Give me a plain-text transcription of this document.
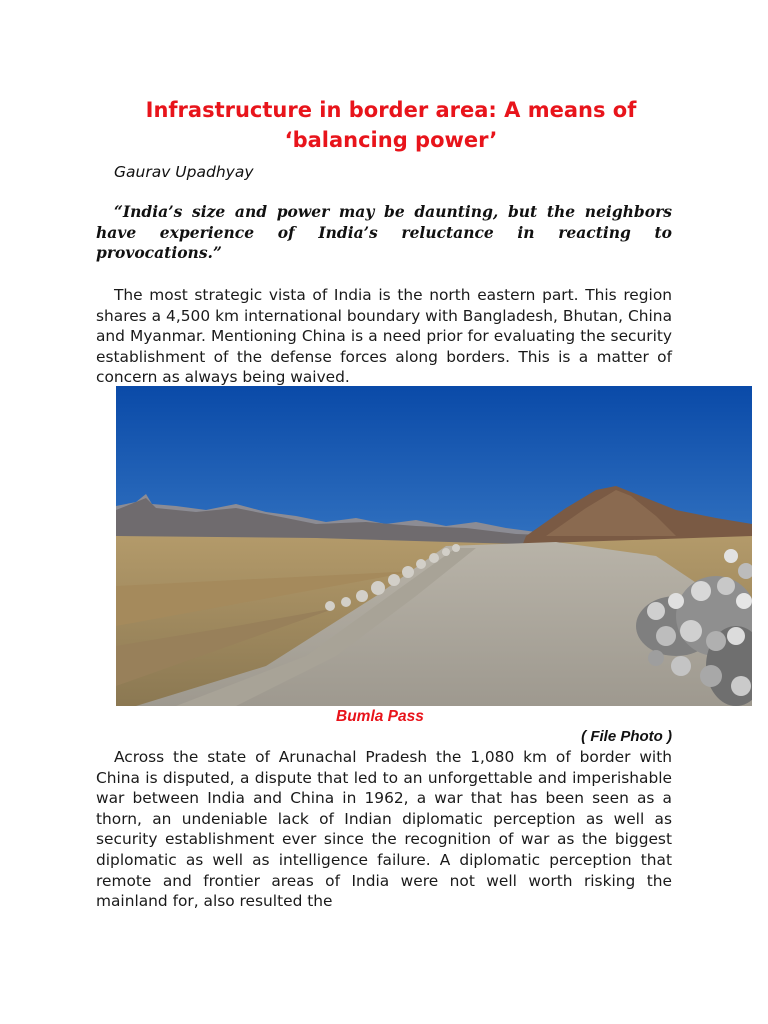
Infrastructure in border area: A means of ‘balancing power’

Gaurav Upadhyay

“India’s size and power may be daunting, but the neighbors have experience of India’s reluctance in reacting to provocations.”

The most strategic vista of India is the north eastern part. This region shares a 4,500 km international boundary with Bangladesh, Bhutan, China and Myanmar. Mentioning China is a need prior for evaluating the security establishment of the defense forces along borders. This is a matter of concern as always being waived.

Bumla Pass

( File Photo )

Across the state of Arunachal Pradesh the 1,080 km of border with China is disputed, a dispute that led to an unforgettable and imperishable war between India and China in 1962, a war that has been seen as a thorn, an undeniable lack of Indian diplomatic perception as well as security establishment ever since the recognition of war as the biggest diplomatic as well as intelligence failure. A diplomatic perception that remote and frontier areas of India were not well worth risking the mainland for, also resulted the
